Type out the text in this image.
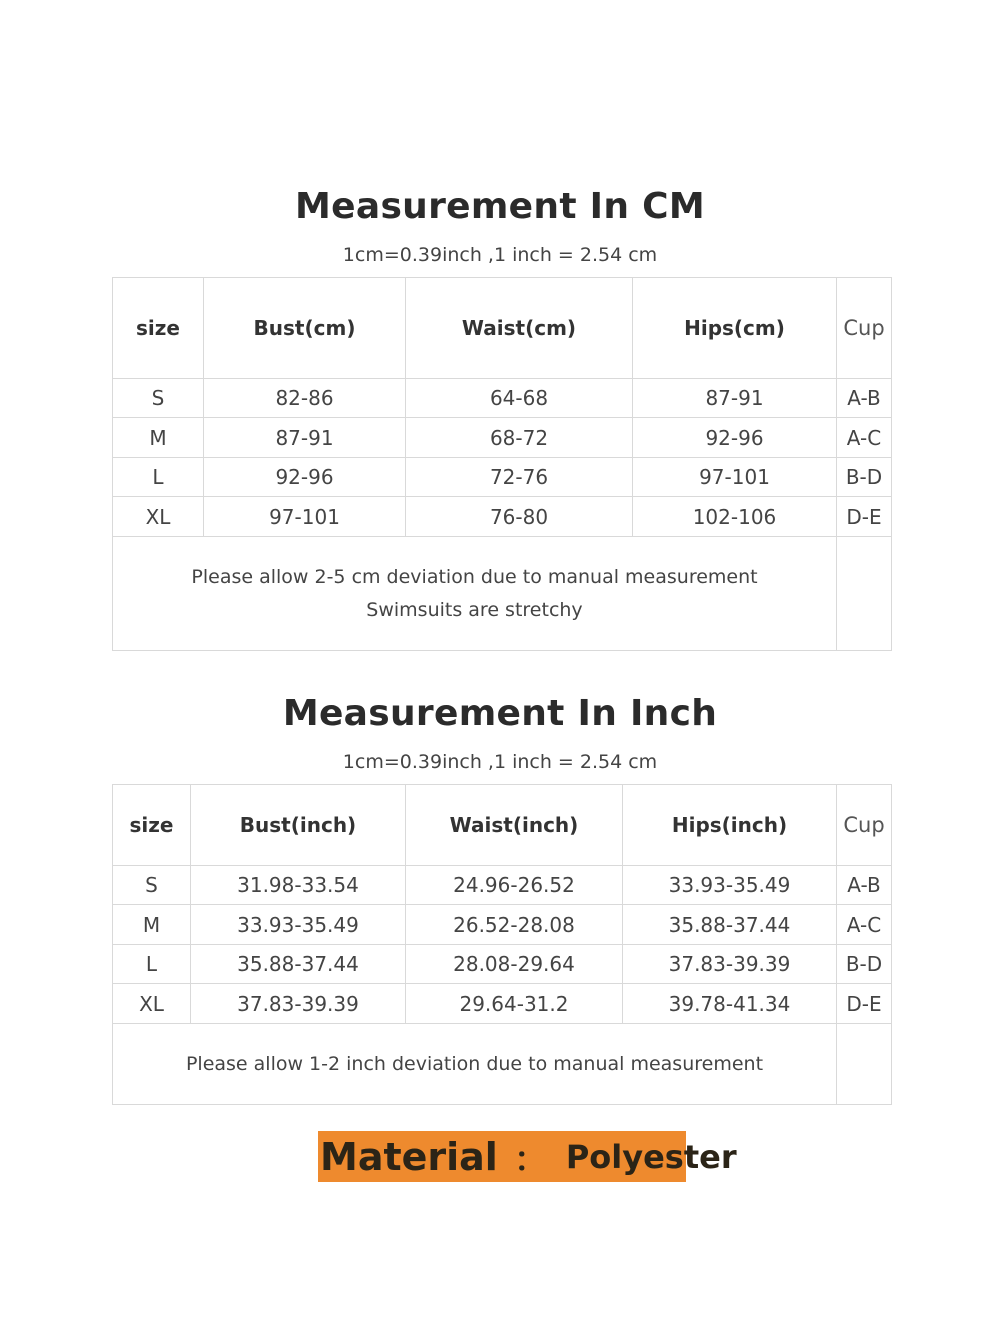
Measurement In CM
1cm=0.39inch ,1 inch = 2.54 cm
size	Bust(cm)	Waist(cm)	Hips(cm)	Cup
S	82-86	64-68	87-91	A-B
M	87-91	68-72	92-96	A-C
L	92-96	72-76	97-101	B-D
XL	97-101	76-80	102-106	D-E

Please allow 2-5 cm deviation due to manual measurement
Swimsuits are stretchy				

Measurement In Inch
1cm=0.39inch ,1 inch = 2.54 cm
size	Bust(inch)	Waist(inch)	Hips(inch)	Cup
S	31.98-33.54	24.96-26.52	33.93-35.49	A-B
M	33.93-35.49	26.52-28.08	35.88-37.44	A-C
L	35.88-37.44	28.08-29.64	37.83-39.39	B-D
XL	37.83-39.39	29.64-31.2	39.78-41.34	D-E

Please allow 1-2 inch deviation due to manual measurement				

Material ： Polyester
